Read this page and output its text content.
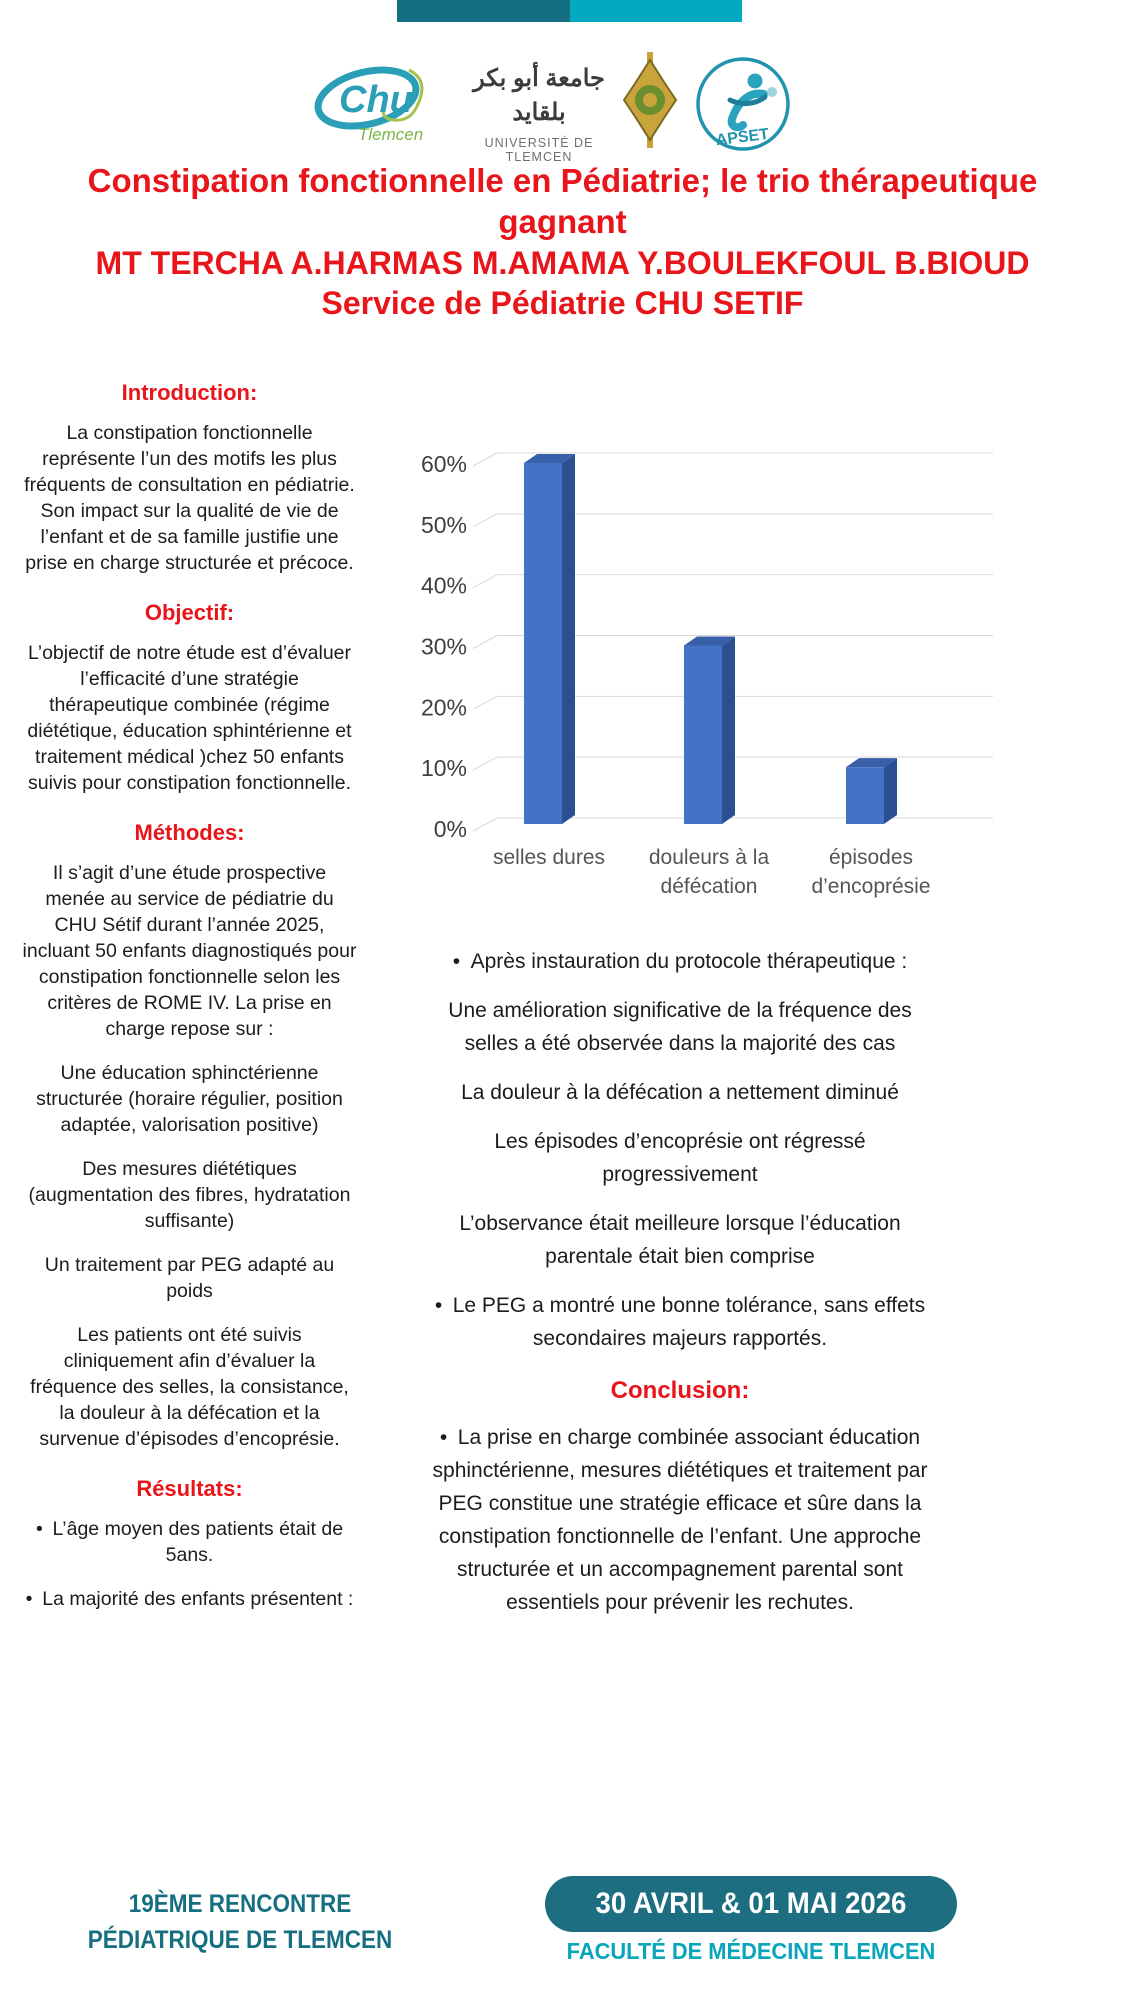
Chu
Tlemcen
جامعة أبو بكر بلقايد
UNIVERSITÉ DE TLEMCEN
APSET
Constipation fonctionnelle en Pédiatrie; le trio thérapeutique gagnant
MT TERCHA A.HARMAS M.AMAMA Y.BOULEKFOUL B.BIOUD
Service de Pédiatrie CHU SETIF
Introduction:

La constipation fonctionnelle représente l’un des motifs les plus fréquents de consultation en pédiatrie. Son impact sur la qualité de vie de l’enfant et de sa famille justifie une prise en charge structurée et précoce.

Objectif:

L’objectif de notre étude est d’évaluer l’efficacité d’une stratégie thérapeutique combinée (régime diététique, éducation sphintérienne et traitement médical )chez 50 enfants suivis pour constipation fonctionnelle.

Méthodes:

Il s’agit d’une étude prospective menée au service de pédiatrie du CHU Sétif durant l’année 2025, incluant 50 enfants diagnostiqués pour constipation fonctionnelle selon les critères de ROME IV. La prise en charge repose sur :

Une éducation sphinctérienne structurée (horaire régulier, position adaptée, valorisation positive)

Des mesures diététiques (augmentation des fibres, hydratation suffisante)

Un traitement par PEG adapté au poids

Les patients ont été suivis cliniquement afin d’évaluer la fréquence des selles, la consistance, la douleur à la défécation et la survenue d’épisodes d’encoprésie.

Résultats:

• L’âge moyen des patients était de 5ans.

• La majorité des enfants présentent :

0%
10%
20%
30%
40%
50%
60%
selles dures douleurs à la
défécation
épisodes
d’encoprésie

• Après instauration du protocole thérapeutique :

Une amélioration significative de la fréquence des selles a été observée dans la majorité des cas

La douleur à la défécation a nettement diminué

Les épisodes d’encoprésie ont régressé progressivement

L’observance était meilleure lorsque l’éducation parentale était bien comprise

• Le PEG a montré une bonne tolérance, sans effets secondaires majeurs rapportés.

Conclusion:

• La prise en charge combinée associant éducation sphinctérienne, mesures diététiques et traitement par PEG constitue une stratégie efficace et sûre dans la constipation fonctionnelle de l’enfant. Une approche structurée et un accompagnement parental sont essentiels pour prévenir les rechutes.

19ÈME RENCONTRE
PÉDIATRIQUE DE TLEMCEN
30 AVRIL & 01 MAI 2026
FACULTÉ DE MÉDECINE TLEMCEN
